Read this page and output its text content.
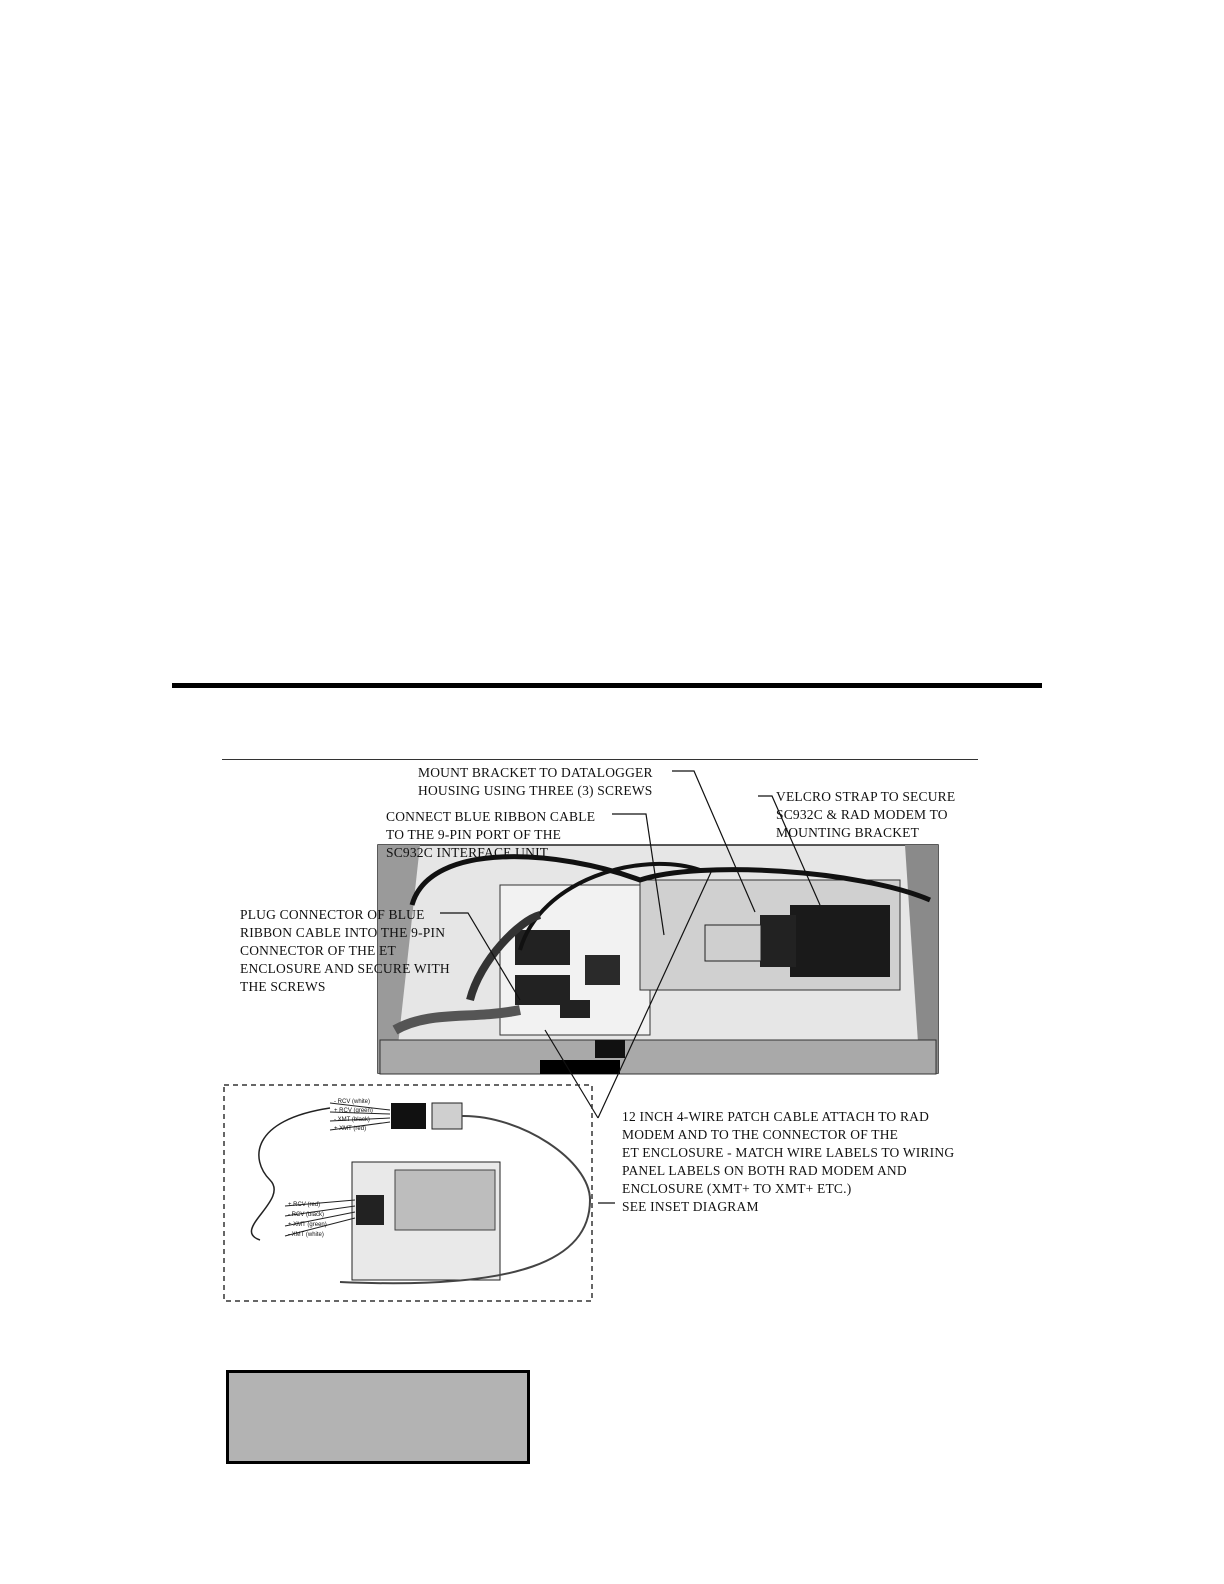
- RCV (white)
+ RCV (green)
- XMT (black)
+ XMT (red)
+ RCV (red)
- RCV (black)
+ XMT (green)
- XMT (white)
MOUNT BRACKET TO DATALOGGER
HOUSING USING THREE (3) SCREWS	VELCRO STRAP TO SECURE
SC932C & RAD MODEM TO
MOUNTING BRACKET
CONNECT BLUE RIBBON CABLE
TO THE 9-PIN PORT OF THE
SC932C INTERFACE UNIT
PLUG CONNECTOR OF BLUE
RIBBON CABLE INTO THE 9-PIN
CONNECTOR OF THE ET
ENCLOSURE AND SECURE WITH
THE SCREWS
12 INCH 4-WIRE PATCH CABLE ATTACH TO RAD
MODEM AND TO THE CONNECTOR OF THE
ET ENCLOSURE - MATCH WIRE LABELS TO WIRING
PANEL LABELS ON BOTH RAD MODEM AND
ENCLOSURE (XMT+ TO XMT+ ETC.)
SEE INSET DIAGRAM
